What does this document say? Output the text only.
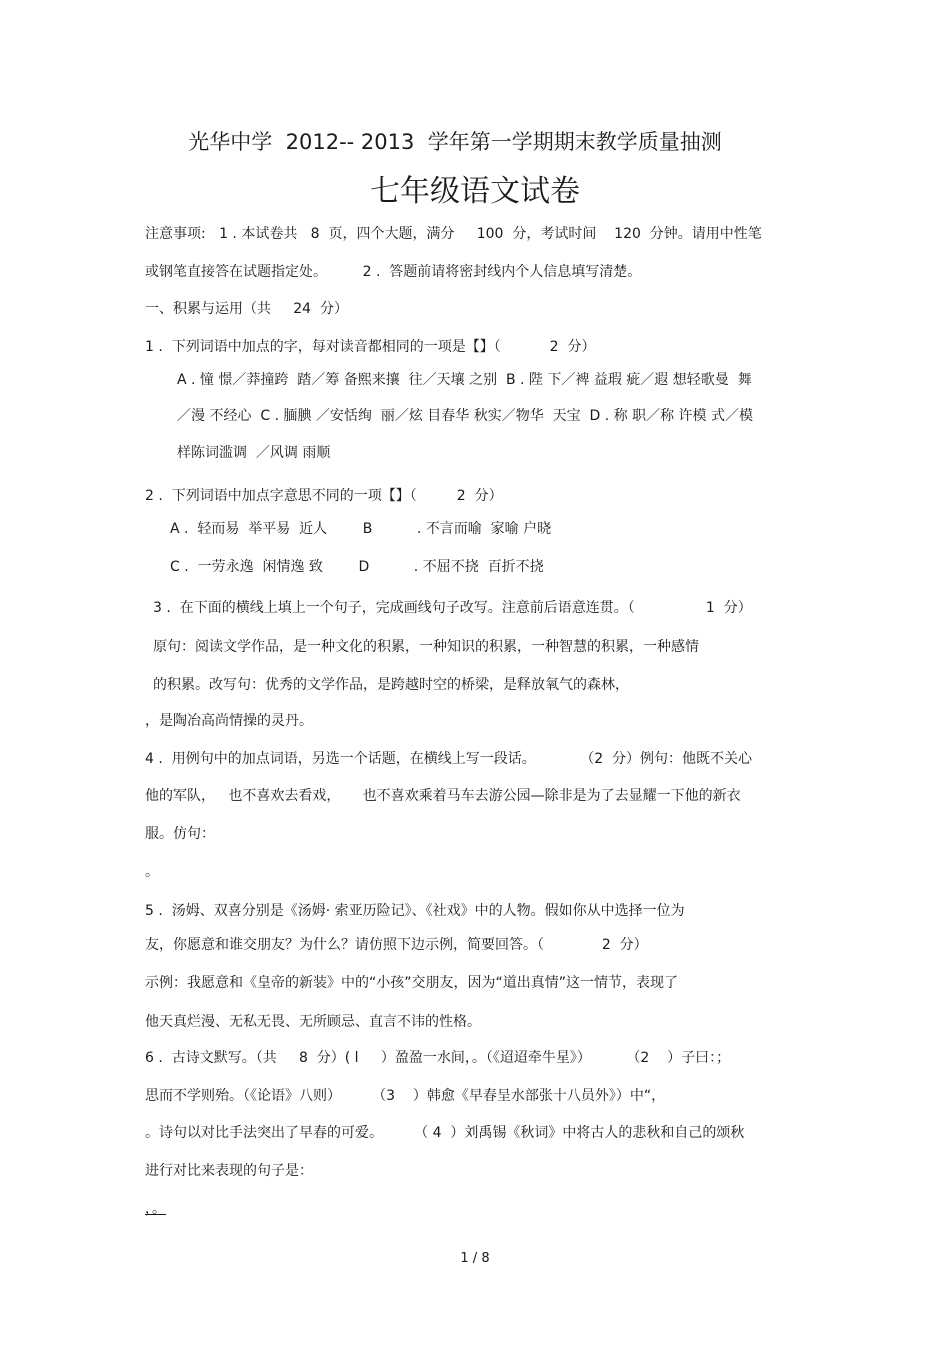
光华中学  2012-- 2013  学年第一学期期末教学质量抽测
七年级语文试卷
注意事项:   1 . 本试卷共   8  页，四个大题，满分     100  分，考试时间    120  分钟。请用中性笔
或钢笔直接答在试题指定处。        2 .  答题前请将密封线内个人信息填写清楚。
一、积累与运用（共     24  分）
1 .  下列词语中加点的字，每对读音都相同的一项是【】（           2  分）
A . 憧 憬／莽撞跨  踏／筹 备熙来攘  往／天壤 之别  B . 陛 下／裨 益瑕 疵／遐 想轻歌曼  舞
／漫 不经心  C . 腼腆 ／安恬绚  丽／炫 目春华 秋实／物华  天宝  D . 称 职／称 许模 式／模
样陈词滥调  ／风调 雨顺
2 .  下列词语中加点字意思不同的一项【】（         2  分）
A .  轻而易  举平易  近人        B          . 不言而喻  家喻 户晓
C .  一劳永逸  闲情逸 致        D          . 不屈不挠  百折不挠
3 .  在下面的横线上填上一个句子，完成画线句子改写。注意前后语意连贯。（                1  分）
原句：阅读文学作品，是一种文化的积累，一种知识的积累，一种智慧的积累，一种感情
的积累。改写句：优秀的文学作品，是跨越时空的桥梁，是释放氧气的森林，
，是陶冶高尚情操的灵丹。
4 .  用例句中的加点词语，另选一个话题，在横线上写一段话。          （2  分）例句：他既不关心
他的军队，   也不喜欢去看戏，     也不喜欢乘着马车去游公园—除非是为了去显耀一下他的新衣
服。仿句：
。
5 .  汤姆、双喜分别是《汤姆· 索亚历险记》、《社戏》中的人物。假如你从中选择一位为
友，你愿意和谁交朋友？为什么？请仿照下边示例，简要回答。（             2  分）
示例：我愿意和《皇帝的新装》中的“小孩”交朋友，因为“道出真情”这一情节，表现了
他天真烂漫、无私无畏、无所顾忌、直言不讳的性格。
6 .  古诗文默写。（共     8  分）( l     ）盈盈一水间，。（《迢迢牵牛星》）        （2    ）子曰：；
思而不学则殆。（《论语》八则）       （3    ）韩愈《早春呈水部张十八员外》）中“，
。诗句以对比手法突出了早春的可爱。       （ 4  ）刘禹锡《秋词》中将古人的悲秋和自己的颂秋
进行对比来表现的句子是：
，。
1 / 8
